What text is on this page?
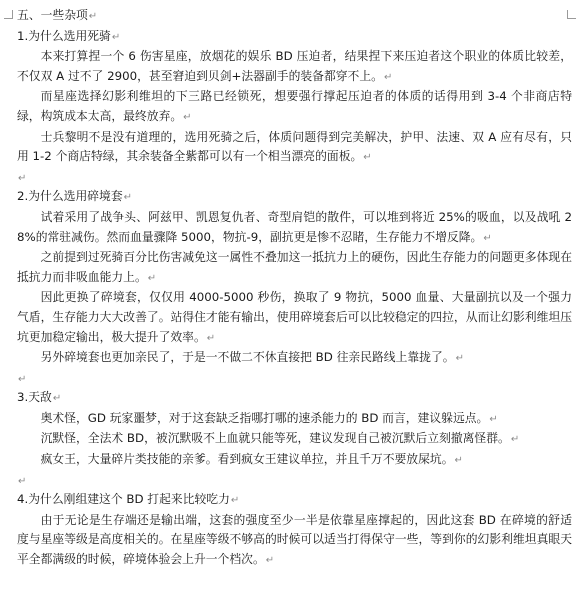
五、一些杂项↵

1.为什么选用死骑↵

本来打算捏一个 6 伤害星座，放烟花的娱乐 BD 压迫者，结果捏下来压迫者这个职业的体质比较差，不仅双 A 过不了 2900，甚至窘迫到贝剑+法器副手的装备都穿不上。↵

而星座选择幻影利维坦的下三路已经锁死，想要强行撑起压迫者的体质的话得用到 3-4 个非商店特绿，构筑成本太高，最终放弃。↵

士兵黎明不是没有道理的，选用死骑之后，体质问题得到完美解决，护甲、法速、双 A 应有尽有，只用 1-2 个商店特绿，其余装备全紫都可以有一个相当漂亮的面板。↵

↵

2.为什么选用碎境套↵

试着采用了战争头、阿兹甲、凯恩复仇者、奇型肩铠的散件，可以堆到将近 25%的吸血，以及战吼 28%的常驻减伤。然而血量骤降 5000，物抗-9，副抗更是惨不忍睹，生存能力不增反降。↵

之前提到过死骑百分比伤害减免这一属性不叠加这一抵抗力上的硬伤，因此生存能力的问题更多体现在抵抗力而非吸血能力上。↵

因此更换了碎境套，仅仅用 4000-5000 秒伤，换取了 9 物抗，5000 血量、大量副抗以及一个强力气盾，生存能力大大改善了。站得住才能有输出，使用碎境套后可以比较稳定的四拉，从而让幻影利维坦压坑更加稳定输出，极大提升了效率。↵

另外碎境套也更加亲民了，于是一不做二不休直接把 BD 往亲民路线上靠拢了。↵

↵

3.天敌↵

奥术怪，GD 玩家噩梦，对于这套缺乏指哪打哪的速杀能力的 BD 而言，建议躲远点。↵

沉默怪，全法术 BD，被沉默吸不上血就只能等死，建议发现自己被沉默后立刻撤离怪群。↵

疯女王，大量碎片类技能的亲爹。看到疯女王建议单拉，并且千万不要放屎坑。↵

↵

4.为什么刚组建这个 BD 打起来比较吃力↵

由于无论是生存端还是输出端，这套的强度至少一半是依靠星座撑起的，因此这套 BD 在碎境的舒适度与星座等级是高度相关的。在星座等级不够高的时候可以适当打得保守一些，等到你的幻影利维坦真眼天平全都满级的时候，碎境体验会上升一个档次。↵
